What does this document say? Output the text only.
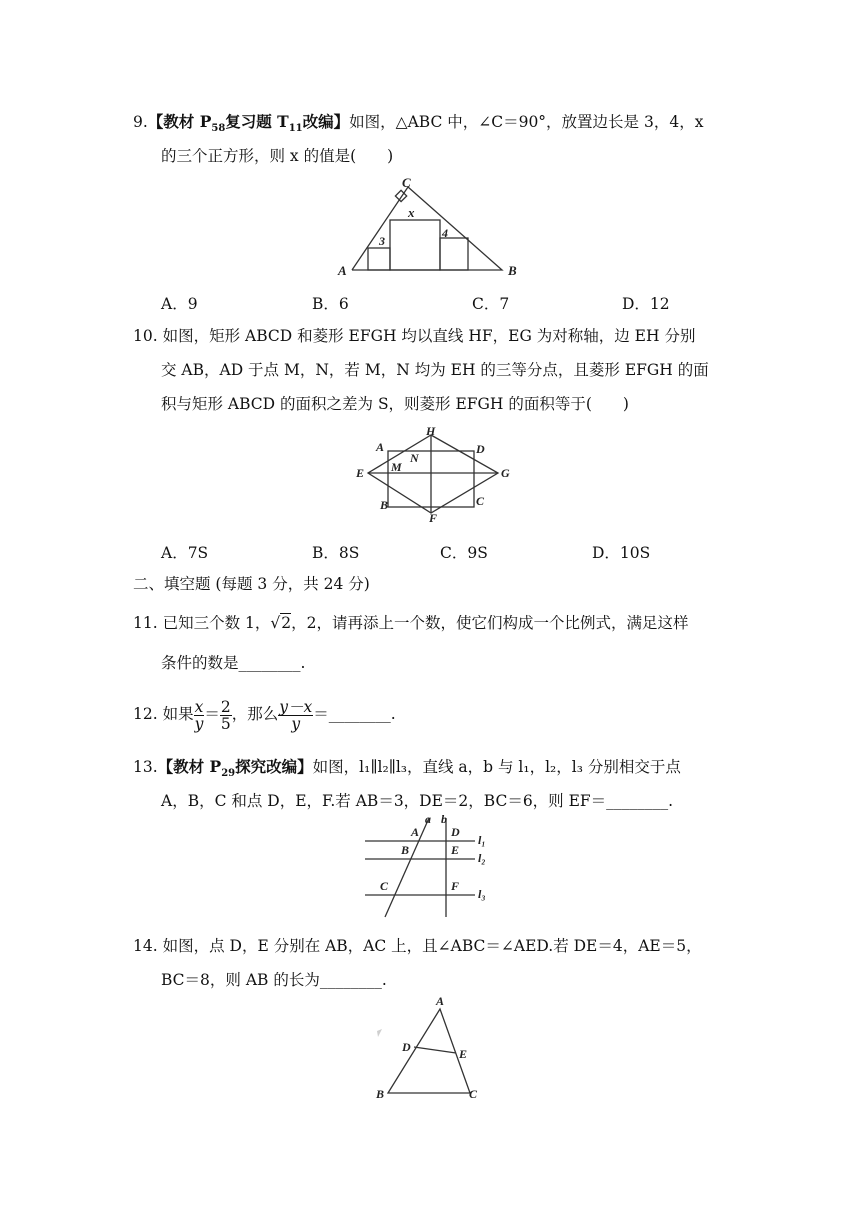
9.【教材 $P_{58}$复习题 $T_{11}$改编】如图，△ABC 中，∠C＝90°，放置边长是 3，4，x
的三个正方形，则 x 的值是(　　)
C
x
3
4
A	B
A．9	B．6	C．7	D．12
10. 如图，矩形 ABCD 和菱形 EFGH 均以直线 HF，EG 为对称轴，边 EH 分别
交 AB，AD 于点 M，N，若 M，N 均为 EH 的三等分点，且菱形 EFGH 的面
积与矩形 ABCD 的面积之差为 S，则菱形 EFGH 的面积等于(　　)
A
H
D
N
M
E	G
B	C
F
A．7S	B．8S	C．9S	D．10S
二、填空题 (每题 3 分，共 24 分)
11. 已知三个数 1，√2，2，请再添上一个数，使它们构成一个比例式，满足这样
条件的数是________.
12. 如果 $\frac{x}{y} = \frac{2}{5}$ ，那么 $\frac{y-x}{y}$ ＝________.
13.【教材 $P_{29}$探究改编】如图，l₁∥l₂∥l₃，直线 a，b 与 l₁，l₂，l₃ 分别相交于点
A，B，C 和点 D，E，F.若 AB＝3，DE＝2，BC＝6，则 EF＝________.
a b
A	D
l₁
B	E
l₂
C	F
l₃
14. 如图，点 D，E 分别在 AB，AC 上，且∠ABC＝∠AED.若 DE＝4，AE＝5，
BC＝8，则 AB 的长为________.
A
D	E
B	C
